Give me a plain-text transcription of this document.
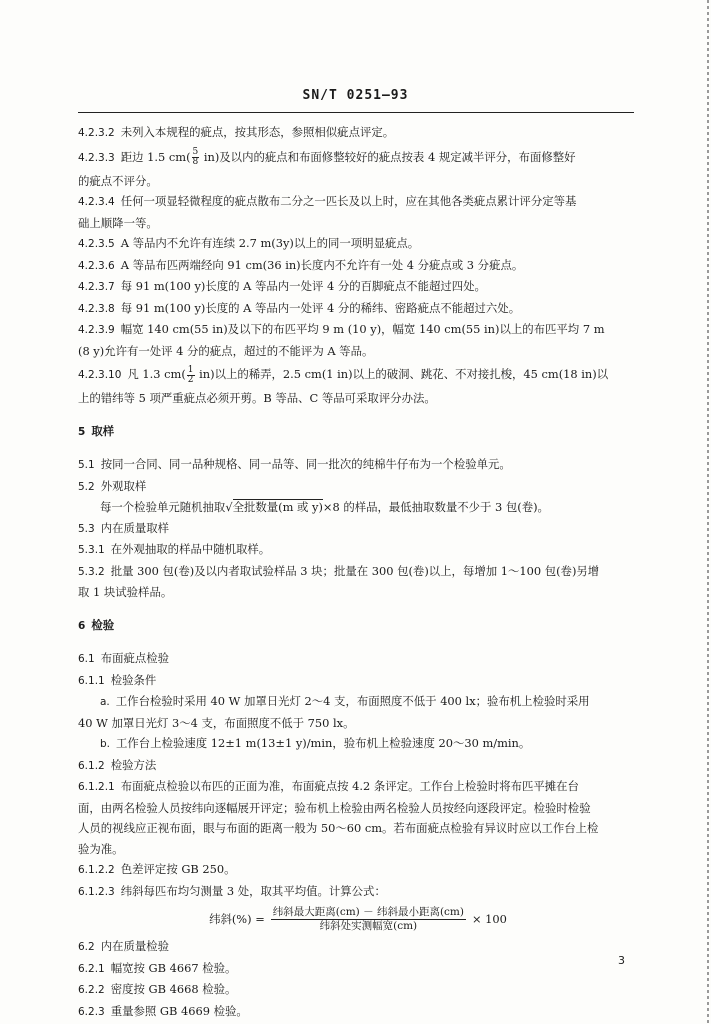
SN/T 0251—93

4.2.3.2 未列入本规程的疵点，按其形态，参照相似疵点评定。

4.2.3.3 距边 1.5 $cm( \frac{5}{8} in)$及以内的疵点和布面修整较好的疵点按表 4 规定减半评分，布面修整好

的疵点不评分。

4.2.3.4 任何一项显轻微程度的疵点散布二分之一匹长及以上时，应在其他各类疵点累计评分定等基

础上顺降一等。

4.2.3.5 A 等品内不允许有连续 2.7 m(3y)以上的同一项明显疵点。

4.2.3.6 A 等品布匹两端经向 91 cm(36 in)长度内不允许有一处 4 分疵点或 3 分疵点。

4.2.3.7 每 91 m(100 y)长度的 A 等品内一处评 4 分的百脚疵点不能超过四处。

4.2.3.8 每 91 m(100 y)长度的 A 等品内一处评 4 分的稀纬、密路疵点不能超过六处。

4.2.3.9 幅宽 140 cm(55 in)及以下的布匹平均 9 m (10 y)，幅宽 140 cm(55 in)以上的布匹平均 7 m

(8 y)允许有一处评 4 分的疵点，超过的不能评为 A 等品。

4.2.3.10 凡 1.3 $cm( \frac{1}{2} in)$以上的稀弄，2.5 cm(1 in)以上的破洞、跳花、不对接扎梭，45 cm(18 in)以

上的错纬等 5 项严重疵点必须开剪。B 等品、C 等品可采取评分办法。

5 取样

5.1 按同一合同、同一品种规格、同一品等、同一批次的纯棉牛仔布为一个检验单元。

5.2 外观取样

每一个检验单元随机抽取√全批数量(m 或 y)×8 的样品，最低抽取数量不少于 3 包(卷)。

5.3 内在质量取样

5.3.1 在外观抽取的样品中随机取样。

5.3.2 批量 300 包(卷)及以内者取试验样品 3 块；批量在 300 包(卷)以上，每增加 1～100 包(卷)另增

取 1 块试验样品。

6 检验

6.1 布面疵点检验

6.1.1 检验条件

a. 工作台检验时采用 40 W 加罩日光灯 2～4 支，布面照度不低于 400 lx；验布机上检验时采用

40 W 加罩日光灯 3～4 支，布面照度不低于 750 lx。

b. 工作台上检验速度 12±1 m(13±1 y)/min，验布机上检验速度 20～30 m/min。

6.1.2 检验方法

6.1.2.1 布面疵点检验以布匹的正面为准，布面疵点按 4.2 条评定。工作台上检验时将布匹平摊在台

面，由两名检验人员按纬向逐幅展开评定；验布机上检验由两名检验人员按经向逐段评定。检验时检验

人员的视线应正视布面，眼与布面的距离一般为 50～60 cm。若布面疵点检验有异议时应以工作台上检

验为准。

6.1.2.2 色差评定按 GB 250。

6.1.2.3 纬斜每匹布均匀测量 3 处，取其平均值。计算公式：

纬斜(%) =
纬斜最大距离(cm) － 纬斜最小距离(cm)
纬斜处实测幅宽(cm)	× 100

6.2 内在质量检验

6.2.1 幅宽按 GB 4667 检验。

6.2.2 密度按 GB 4668 检验。

6.2.3 重量参照 GB 4669 检验。

3
